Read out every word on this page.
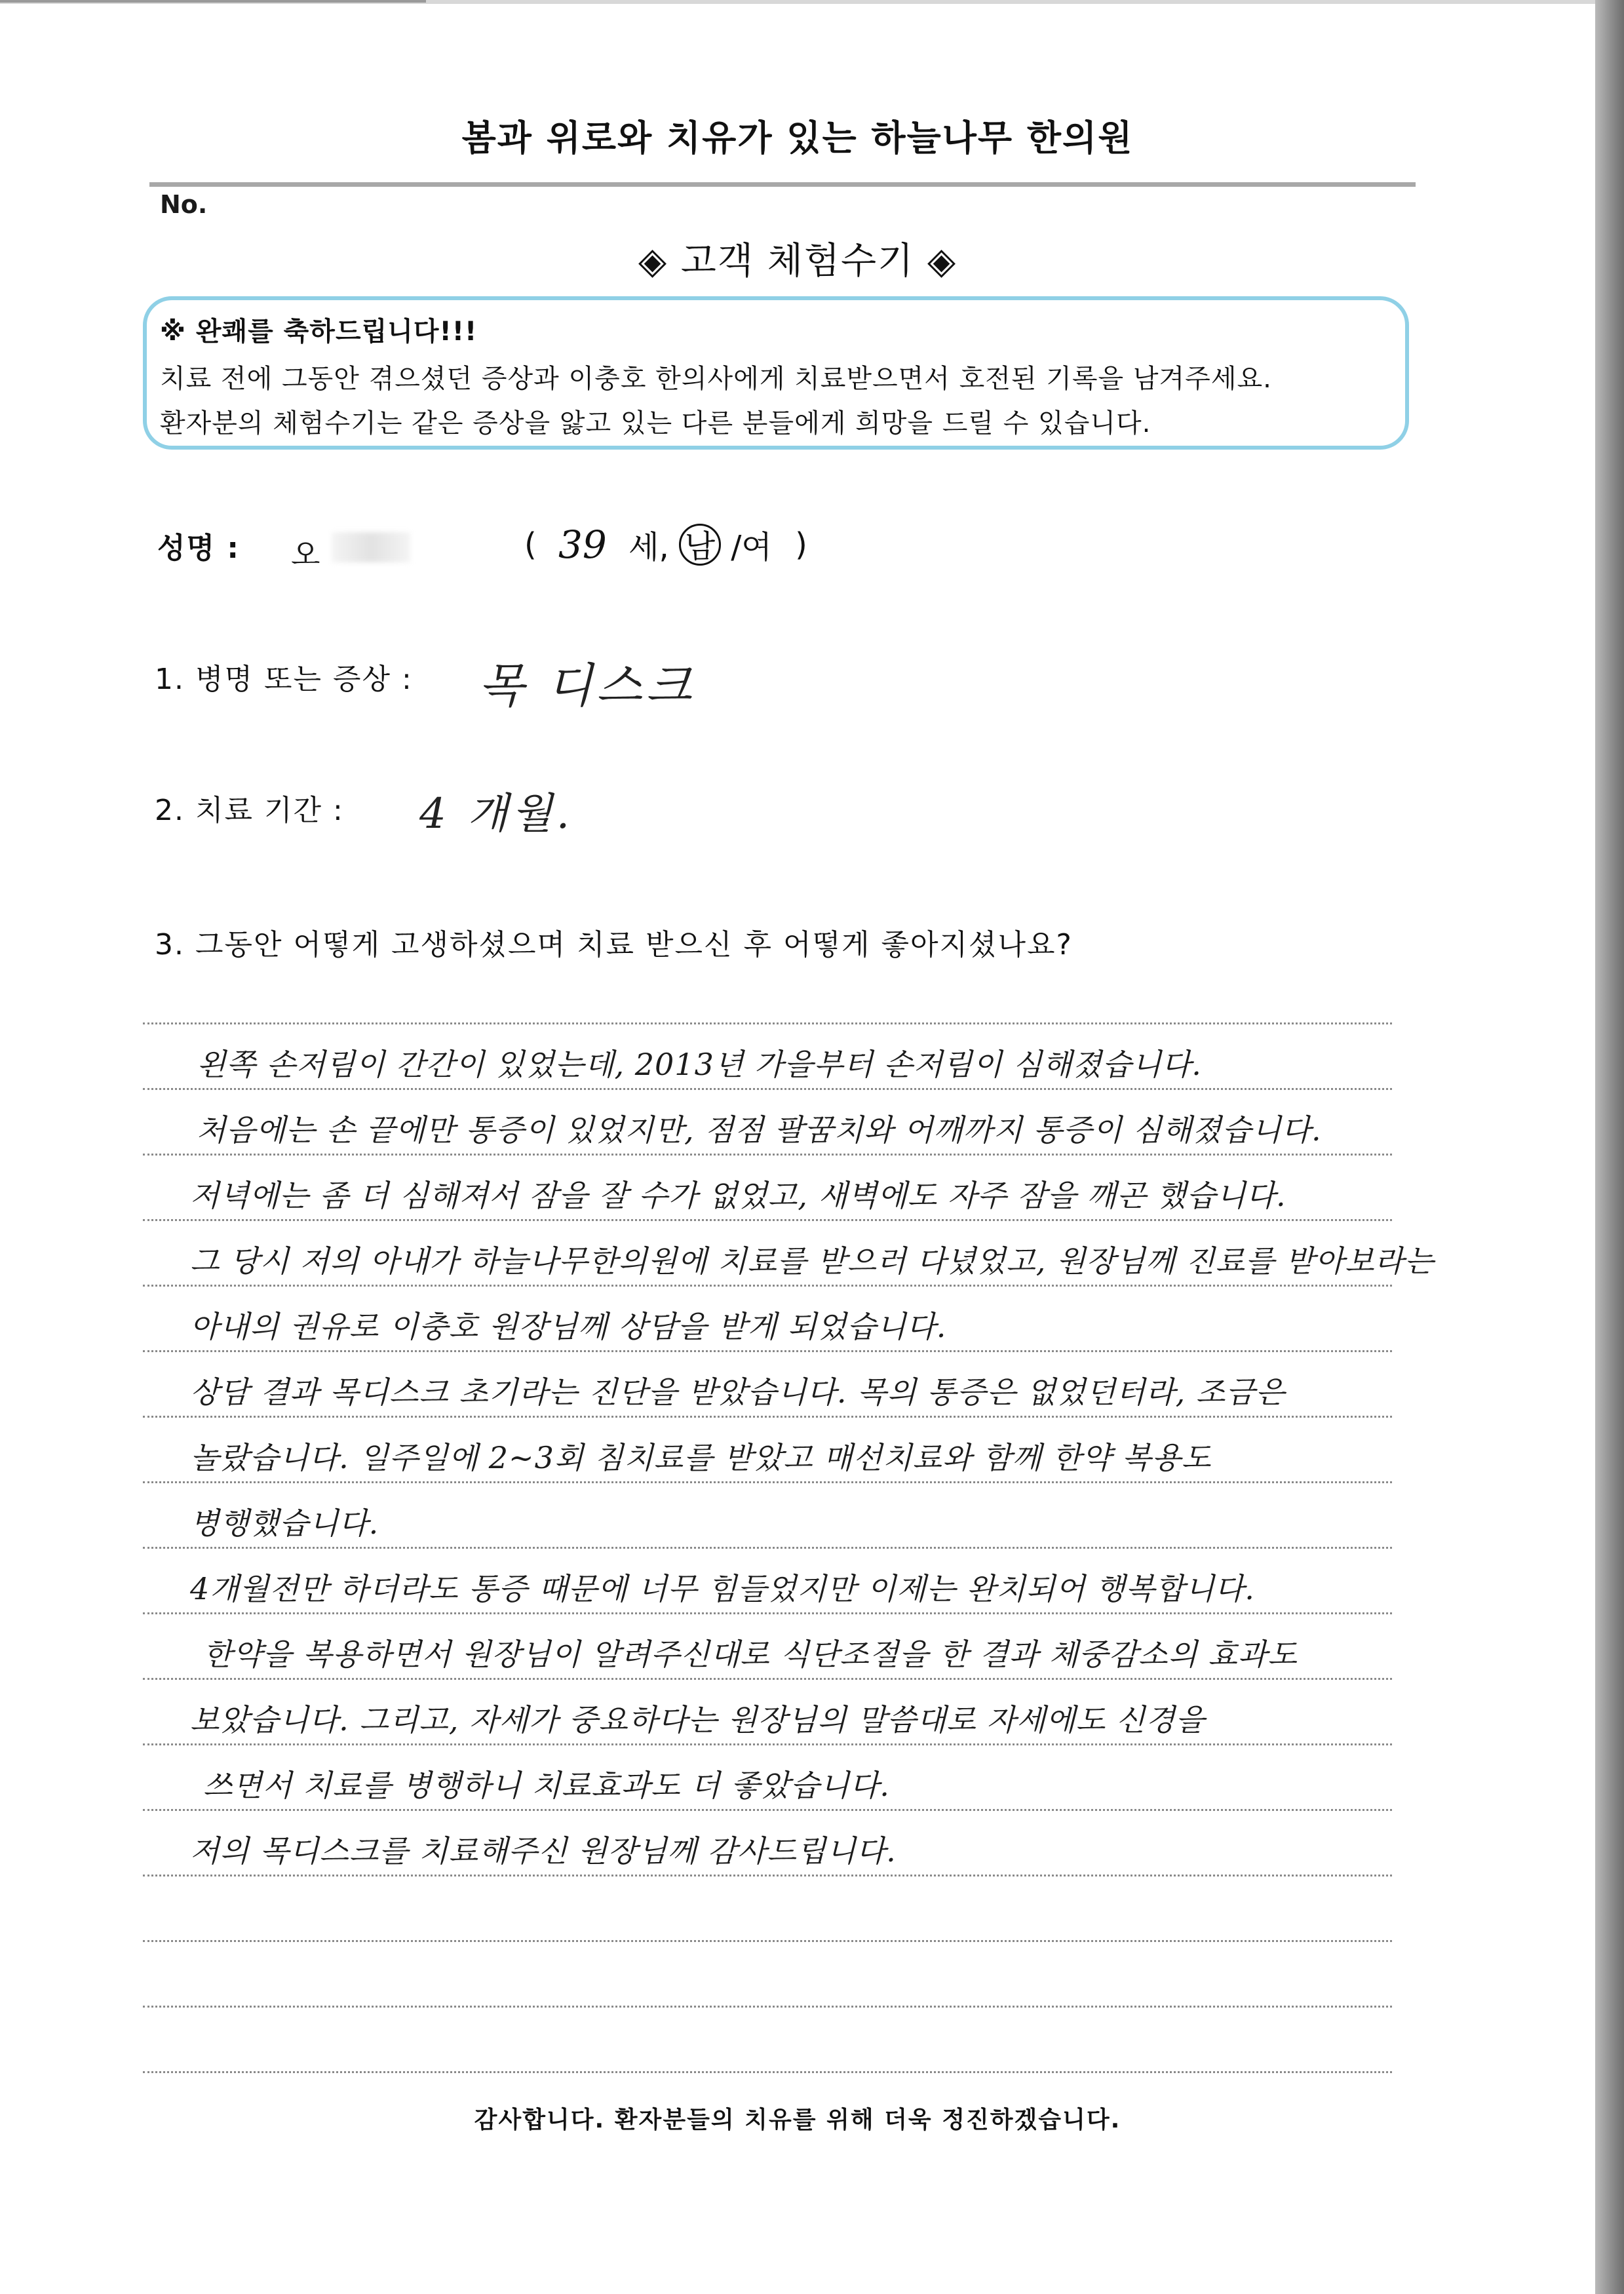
봄과 위로와 치유가 있는 하늘나무 한의원
No.
◈ 고객 체험수기 ◈
※ 완쾌를 축하드립니다!!!
치료 전에 그동안 겪으셨던 증상과 이충호 한의사에게 치료받으면서 호전된 기록을 남겨주세요.
환자분의 체험수기는 같은 증상을 앓고 있는 다른 분들에게 희망을 드릴 수 있습니다.
성명 : 오	( 39 세, 남 /여 )
1. 병명 또는 증상 : 목 디스크
2. 치료 기간 : 4 개월.
3. 그동안 어떻게 고생하셨으며 치료 받으신 후 어떻게 좋아지셨나요?
왼쪽 손저림이 간간이 있었는데, 2013년 가을부터 손저림이 심해졌습니다.
처음에는 손 끝에만 통증이 있었지만, 점점 팔꿈치와 어깨까지 통증이 심해졌습니다.
저녁에는 좀 더 심해져서 잠을 잘 수가 없었고, 새벽에도 자주 잠을 깨곤 했습니다.
그 당시 저의 아내가 하늘나무한의원에 치료를 받으러 다녔었고, 원장님께 진료를 받아보라는
아내의 권유로 이충호 원장님께 상담을 받게 되었습니다.
상담 결과 목디스크 초기라는 진단을 받았습니다. 목의 통증은 없었던터라, 조금은
놀랐습니다. 일주일에 2~3회 침치료를 받았고 매선치료와 함께 한약 복용도
병행했습니다.
4개월전만 하더라도 통증 때문에 너무 힘들었지만 이제는 완치되어 행복합니다.
한약을 복용하면서 원장님이 알려주신대로 식단조절을 한 결과 체중감소의 효과도
보았습니다. 그리고, 자세가 중요하다는 원장님의 말씀대로 자세에도 신경을
쓰면서 치료를 병행하니 치료효과도 더 좋았습니다.
저의 목디스크를 치료해주신 원장님께 감사드립니다.
감사합니다. 환자분들의 치유를 위해 더욱 정진하겠습니다.
